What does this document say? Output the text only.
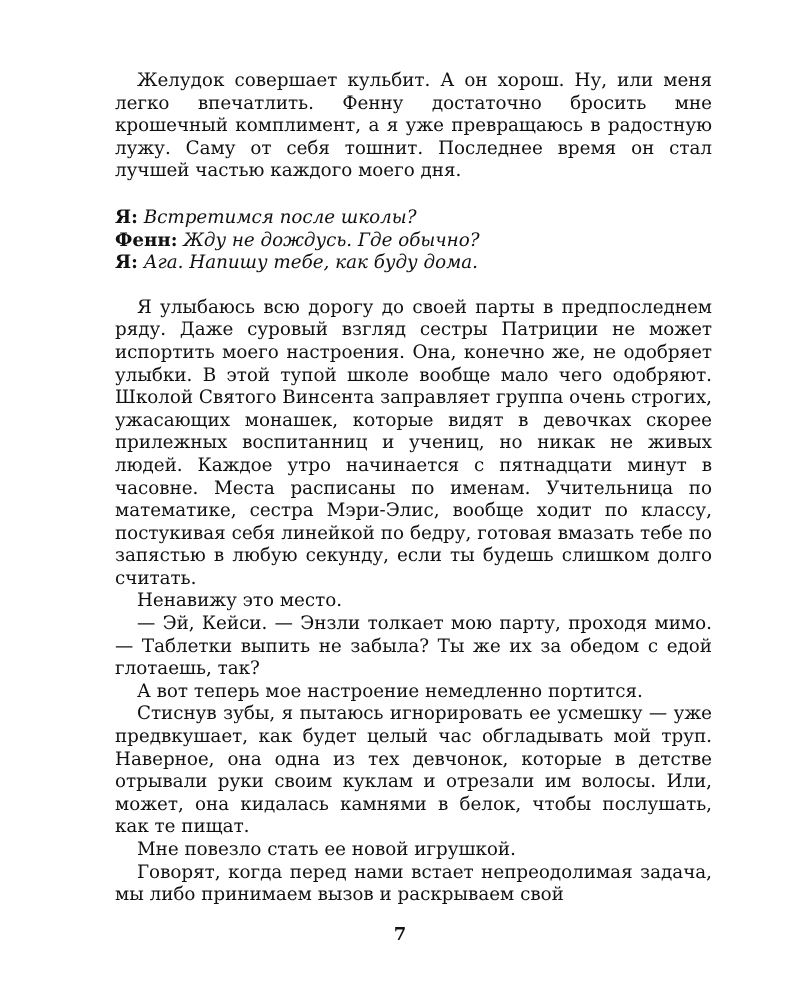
Желудок совершает кульбит. А он хорош. Ну, или меня легко впечатлить. Фенну достаточно бросить мне крошечный комплимент, а я уже превращаюсь в радостную лужу. Саму от себя тошнит. Последнее время он стал лучшей частью каждого моего дня.

Я: Встретимся после школы?

Фенн: Жду не дождусь. Где обычно?

Я: Ага. Напишу тебе, как буду дома.

Я улыбаюсь всю дорогу до своей парты в предпоследнем ряду. Даже суровый взгляд сестры Патриции не может испортить моего настроения. Она, конечно же, не одобряет улыбки. В этой тупой школе вообще мало чего одобряют. Школой Святого Винсента заправляет группа очень строгих, ужасающих монашек, которые видят в девочках скорее прилежных воспитанниц и учениц, но никак не живых людей. Каждое утро начинается с пятнадцати минут в часовне. Места расписаны по именам. Учительница по математике, сестра Мэри-Элис, вообще ходит по классу, постукивая себя линейкой по бедру, готовая вмазать тебе по запястью в любую секунду, если ты будешь слишком долго считать.

Ненавижу это место.

— Эй, Кейси. — Энзли толкает мою парту, проходя мимо. — Таблетки выпить не забыла? Ты же их за обедом с едой глотаешь, так?

А вот теперь мое настроение немедленно портится.

Стиснув зубы, я пытаюсь игнорировать ее усмешку — уже предвкушает, как будет целый час обгладывать мой труп. Наверное, она одна из тех девчонок, которые в детстве отрывали руки своим куклам и отрезали им волосы. Или, может, она кидалась камнями в белок, чтобы послушать, как те пищат.

Мне повезло стать ее новой игрушкой.

Говорят, когда перед нами встает непреодолимая задача, мы либо принимаем вызов и раскрываем свой

7
